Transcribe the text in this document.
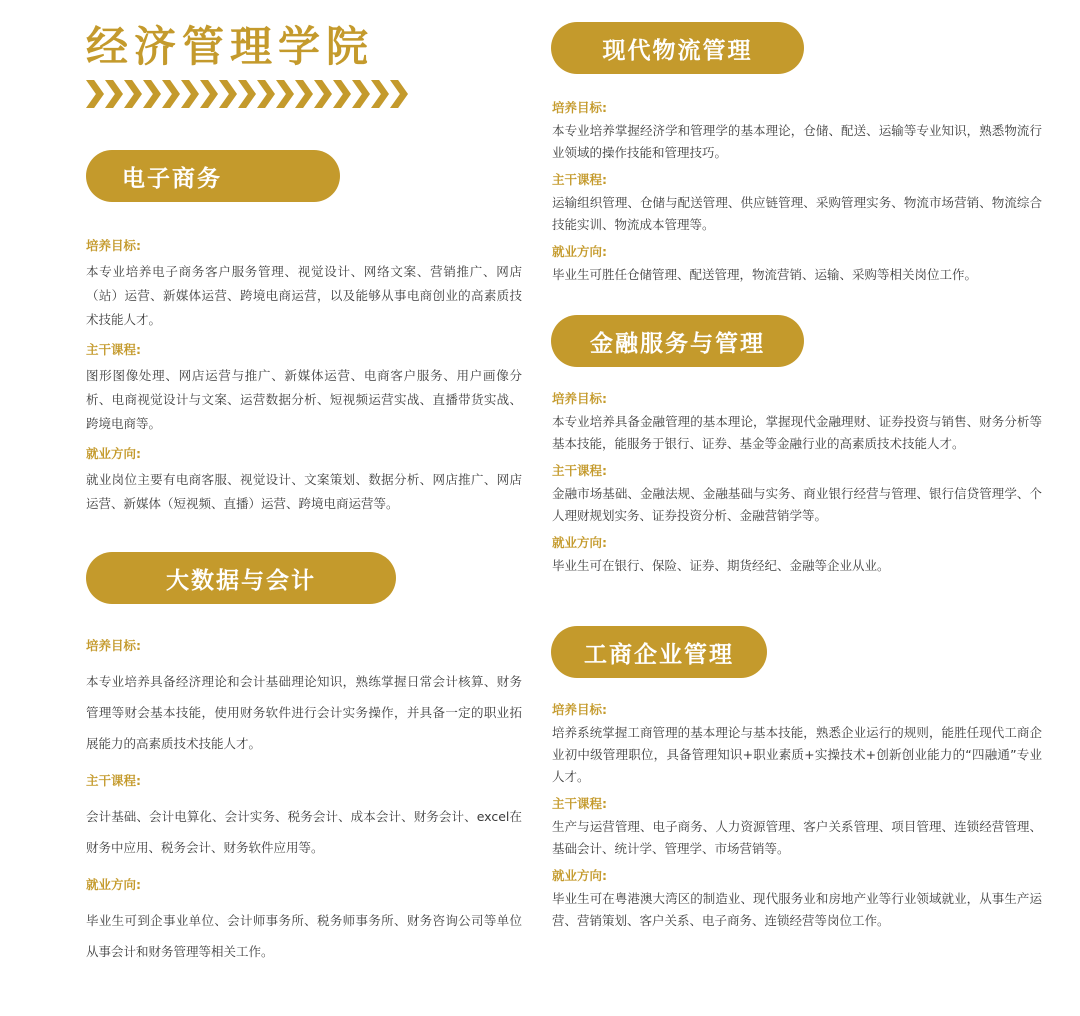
经济管理学院
电子商务
培养目标:
本专业培养电子商务客户服务管理、视觉设计、网络文案、营销推广、网店（站）运营、新媒体运营、跨境电商运营，以及能够从事电商创业的高素质技术技能人才。
主干课程:
图形图像处理、网店运营与推广、新媒体运营、电商客户服务、用户画像分析、电商视觉设计与文案、运营数据分析、短视频运营实战、直播带货实战、跨境电商等。
就业方向:
就业岗位主要有电商客服、视觉设计、文案策划、数据分析、网店推广、网店运营、新媒体（短视频、直播）运营、跨境电商运营等。
大数据与会计
培养目标:
本专业培养具备经济理论和会计基础理论知识，熟练掌握日常会计核算、财务管理等财会基本技能，使用财务软件进行会计实务操作，并具备一定的职业拓展能力的高素质技术技能人才。
主干课程:
会计基础、会计电算化、会计实务、税务会计、成本会计、财务会计、excel在财务中应用、税务会计、财务软件应用等。
就业方向:
毕业生可到企事业单位、会计师事务所、税务师事务所、财务咨询公司等单位从事会计和财务管理等相关工作。
现代物流管理
培养目标:
本专业培养掌握经济学和管理学的基本理论，仓储、配送、运输等专业知识，熟悉物流行业领域的操作技能和管理技巧。
主干课程:
运输组织管理、仓储与配送管理、供应链管理、采购管理实务、物流市场营销、物流综合技能实训、物流成本管理等。
就业方向:
毕业生可胜任仓储管理、配送管理，物流营销、运输、采购等相关岗位工作。
金融服务与管理
培养目标:
本专业培养具备金融管理的基本理论，掌握现代金融理财、证券投资与销售、财务分析等基本技能，能服务于银行、证券、基金等金融行业的高素质技术技能人才。
主干课程:
金融市场基础、金融法规、金融基础与实务、商业银行经营与管理、银行信贷管理学、个人理财规划实务、证券投资分析、金融营销学等。
就业方向:
毕业生可在银行、保险、证券、期货经纪、金融等企业从业。
工商企业管理
培养目标:
培养系统掌握工商管理的基本理论与基本技能，熟悉企业运行的规则，能胜任现代工商企业初中级管理职位，具备管理知识+职业素质+实操技术+创新创业能力的“四融通”专业人才。
主干课程:
生产与运营管理、电子商务、人力资源管理、客户关系管理、项目管理、连锁经营管理、基础会计、统计学、管理学、市场营销等。
就业方向:
毕业生可在粤港澳大湾区的制造业、现代服务业和房地产业等行业领域就业，从事生产运营、营销策划、客户关系、电子商务、连锁经营等岗位工作。
